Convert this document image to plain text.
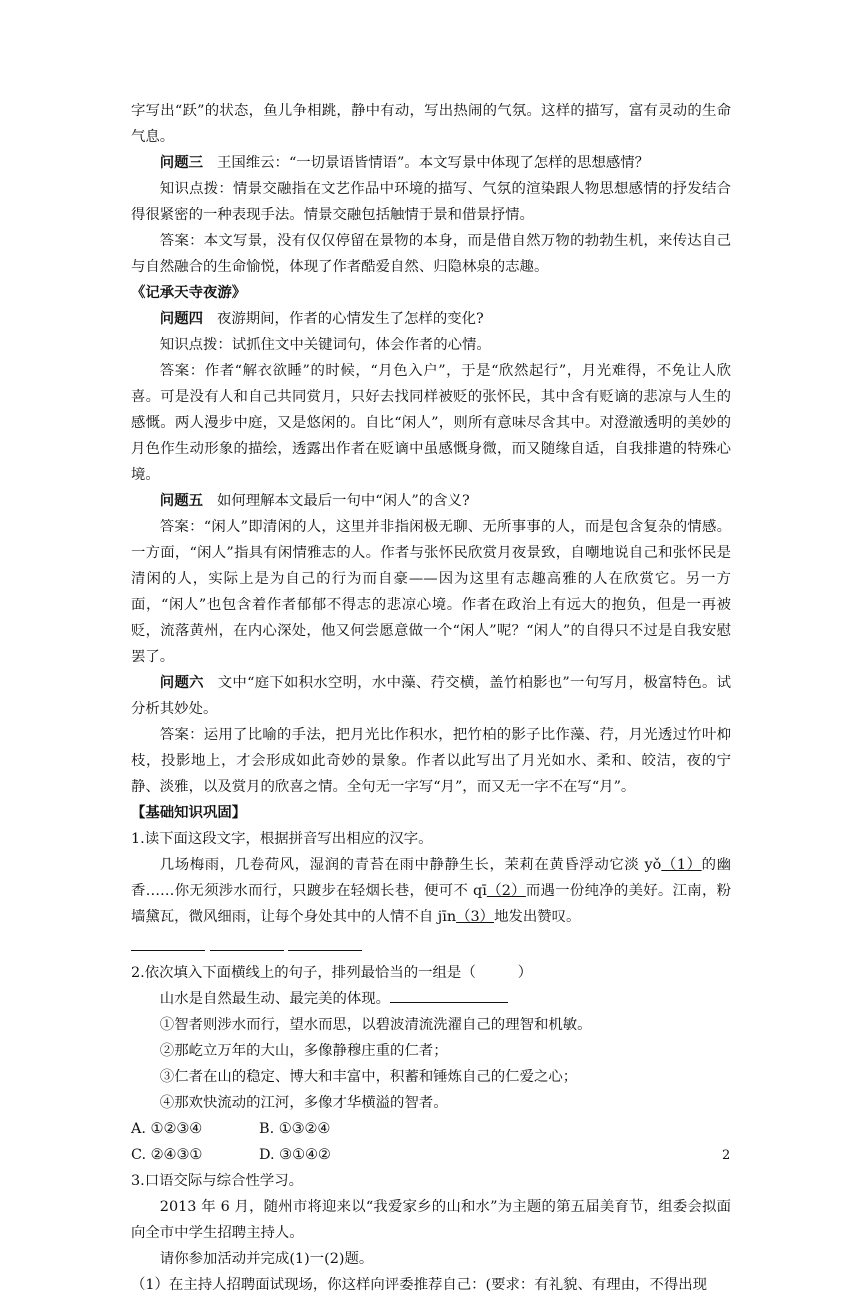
字写出“跃”的状态，鱼儿争相跳，静中有动，写出热闹的气氛。这样的描写，富有灵动的生命气息。

问题三 王国维云：“一切景语皆情语”。本文写景中体现了怎样的思想感情？

知识点拨：情景交融指在文艺作品中环境的描写、气氛的渲染跟人物思想感情的抒发结合得很紧密的一种表现手法。情景交融包括触情于景和借景抒情。

答案：本文写景，没有仅仅停留在景物的本身，而是借自然万物的勃勃生机，来传达自己与自然融合的生命愉悦，体现了作者酷爱自然、归隐林泉的志趣。

《记承天寺夜游》

问题四 夜游期间，作者的心情发生了怎样的变化?

知识点拨：试抓住文中关键词句，体会作者的心情。

答案：作者“解衣欲睡”的时候，“月色入户”，于是“欣然起行”，月光难得，不免让人欣喜。可是没有人和自己共同赏月，只好去找同样被贬的张怀民，其中含有贬谪的悲凉与人生的感慨。两人漫步中庭，又是悠闲的。自比“闲人”，则所有意味尽含其中。对澄澈透明的美妙的月色作生动形象的描绘，透露出作者在贬谪中虽感慨身微，而又随缘自适，自我排遣的特殊心境。

问题五 如何理解本文最后一句中“闲人”的含义?

答案：“闲人”即清闲的人，这里并非指闲极无聊、无所事事的人，而是包含复杂的情感。一方面，“闲人”指具有闲情雅志的人。作者与张怀民欣赏月夜景致，自嘲地说自己和张怀民是清闲的人，实际上是为自己的行为而自豪——因为这里有志趣高雅的人在欣赏它。另一方面，“闲人”也包含着作者郁郁不得志的悲凉心境。作者在政治上有远大的抱负，但是一再被贬，流落黄州，在内心深处，他又何尝愿意做一个“闲人”呢？“闲人”的自得只不过是自我安慰罢了。

问题六 文中“庭下如积水空明，水中藻、荇交横，盖竹柏影也”一句写月，极富特色。试分析其妙处。

答案：运用了比喻的手法，把月光比作积水，把竹柏的影子比作藻、荇，月光透过竹叶枊枝，投影地上，才会形成如此奇妙的景象。作者以此写出了月光如水、柔和、皎洁，夜的宁静、淡雅，以及赏月的欣喜之情。全句无一字写“月”，而又无一字不在写“月”。

【基础知识巩固】

1.读下面这段文字，根据拼音写出相应的汉字。

几场梅雨，几卷荷风，湿润的青苔在雨中静静生长，茉莉在黄昏浮动它淡 yǒ（1）的幽香……你无须涉水而行，只踱步在轻烟长巷，便可不 qī（2）而遇一份纯净的美好。江南，粉墙黛瓦，微风细雨，让每个身处其中的人情不自 jīn（3）地发出赞叹。

2.依次填入下面横线上的句子，排列最恰当的一组是（	）

山水是自然最生动、最完美的体现。

①智者则涉水而行，望水而思，以碧波清流洗濯自己的理智和机敏。

②那屹立万年的大山，多像静穆庄重的仁者；

③仁者在山的稳定、博大和丰富中，积蓄和锤炼自己的仁爱之心；

④那欢快流动的江河，多像才华横溢的智者。

A. ①②③④	B. ①③②④
C. ②④③①	D. ③①④②

3.口语交际与综合性学习。

2013 年 6 月，随州市将迎来以“我爱家乡的山和水”为主题的第五届美育节，组委会拟面向全市中学生招聘主持人。

请你参加活动并完成(1)一(2)题。

（1）在主持人招聘面试现场，你这样向评委推荐自己：(要求：有礼貌、有理由，不得出现

2
